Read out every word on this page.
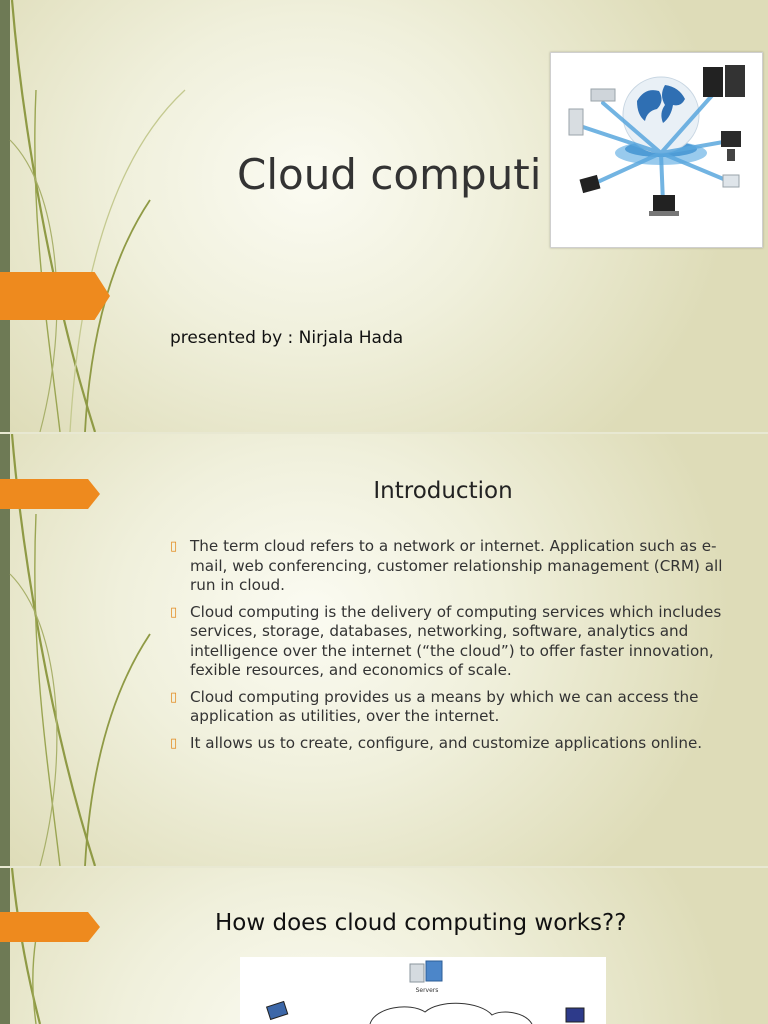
Cloud computi
presented by : Nirjala Hada
Introduction
▯ The term cloud refers to a network or internet. Application such as e-mail, web conferencing, customer relationship management (CRM) all run in cloud.
▯ Cloud computing is the delivery of computing services which includes services, storage, databases, networking, software, analytics and intelligence over the internet (“the cloud”) to offer faster innovation, fexible resources, and economics of scale.
▯ Cloud computing provides us a means by which we can access the application as utilities, over the internet.
▯ It allows us to create, configure, and customize applications online.
How does cloud computing works??
Servers
